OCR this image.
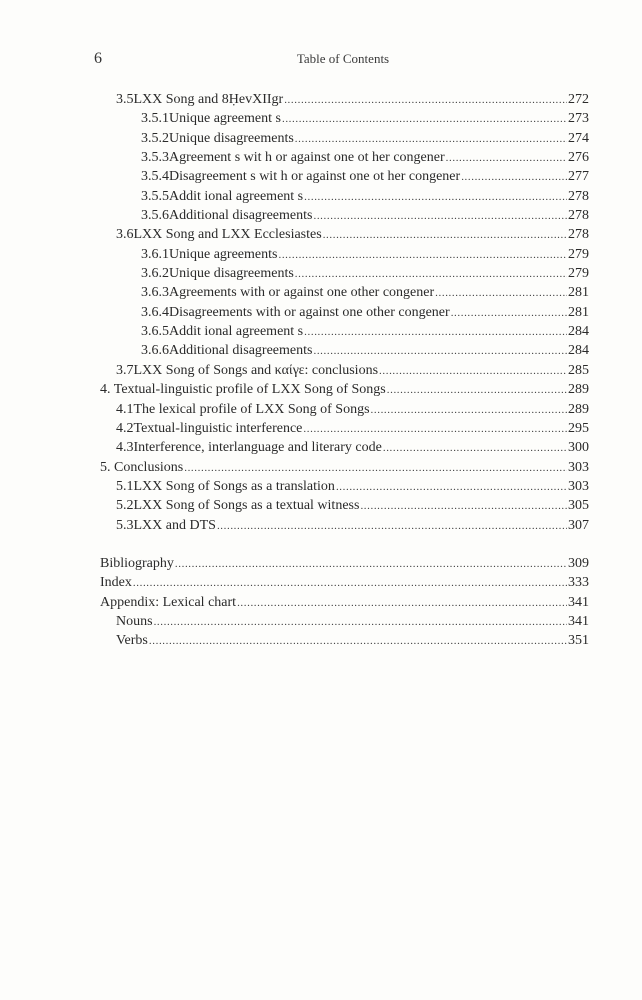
6	Table of Contents
3.5 LXX Song and 8ḤevXIIgr .....	272
3.5.1 Unique agreement s .....	273
3.5.2 Unique disagreements .....	274
3.5.3 Agreement s wit h or against one ot her congener .....	276
3.5.4 Disagreement s wit h or against one ot her congener .....	277
3.5.5 Addit ional agreement s .....	278
3.5.6 Additional disagreements .....	278
3.6 LXX Song and LXX Ecclesiastes .....	278
3.6.1 Unique agreements .....	279
3.6.2 Unique disagreements .....	279
3.6.3 Agreements with or against one other congener .....	281
3.6.4 Disagreements with or against one other congener .....	281
3.6.5 Addit ional agreement s .....	284
3.6.6 Additional disagreements .....	284
3.7 LXX Song of Songs and καίγε: conclusions .....	285
4. Textual-linguistic profile of LXX Song of Songs .....	289
4.1 The lexical profile of LXX Song of Songs .....	289
4.2 Textual-linguistic interference .....	295
4.3 Interference, interlanguage and literary code .....	300
5. Conclusions .....	303
5.1 LXX Song of Songs as a translation .....	303
5.2 LXX Song of Songs as a textual witness .....	305
5.3 LXX and DTS .....	307
Bibliography .....	309
Index .....	333
Appendix: Lexical chart .....	341
Nouns .....	341
Verbs .....	351
